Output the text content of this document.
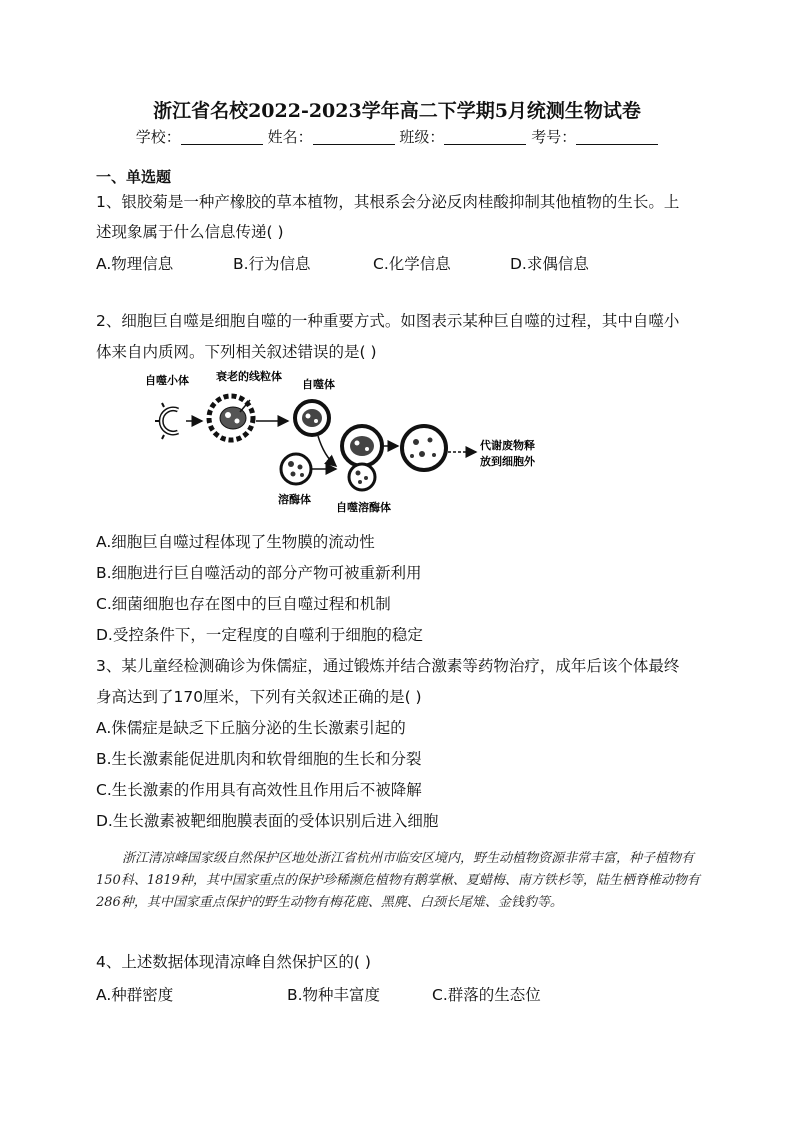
浙江省名校2022-2023学年高二下学期5月统测生物试卷
学校：	姓名：	班级：	考号：
一、单选题
1、银胶菊是一种产橡胶的草本植物，其根系会分泌反肉桂酸抑制其他植物的生长。上
述现象属于什么信息传递( )
A.物理信息	B.行为信息	C.化学信息	D.求偶信息
2、细胞巨自噬是细胞自噬的一种重要方式。如图表示某种巨自噬的过程，其中自噬小
体来自内质网。下列相关叙述错误的是( )
自噬小体 衰老的线粒体
自噬体
溶酶体
自噬溶酶体
代谢废物释
放到细胞外
A.细胞巨自噬过程体现了生物膜的流动性
B.细胞进行巨自噬活动的部分产物可被重新利用
C.细菌细胞也存在图中的巨自噬过程和机制
D.受控条件下，一定程度的自噬利于细胞的稳定
3、某儿童经检测确诊为侏儒症，通过锻炼并结合激素等药物治疗，成年后该个体最终
身高达到了170厘米，下列有关叙述正确的是( )
A.侏儒症是缺乏下丘脑分泌的生长激素引起的
B.生长激素能促进肌肉和软骨细胞的生长和分裂
C.生长激素的作用具有高效性且作用后不被降解
D.生长激素被靶细胞膜表面的受体识别后进入细胞
浙江清凉峰国家级自然保护区地处浙江省杭州市临安区境内，野生动植物资源非常丰富，种子植物有150科、1819种，其中国家重点的保护珍稀濒危植物有鹅掌楸、夏蜡梅、南方铁杉等，陆生栖脊椎动物有286种，其中国家重点保护的野生动物有梅花鹿、黑麂、白颈长尾雉、金钱豹等。
4、上述数据体现清凉峰自然保护区的( )
A.种群密度	B.物种丰富度	C.群落的生态位
